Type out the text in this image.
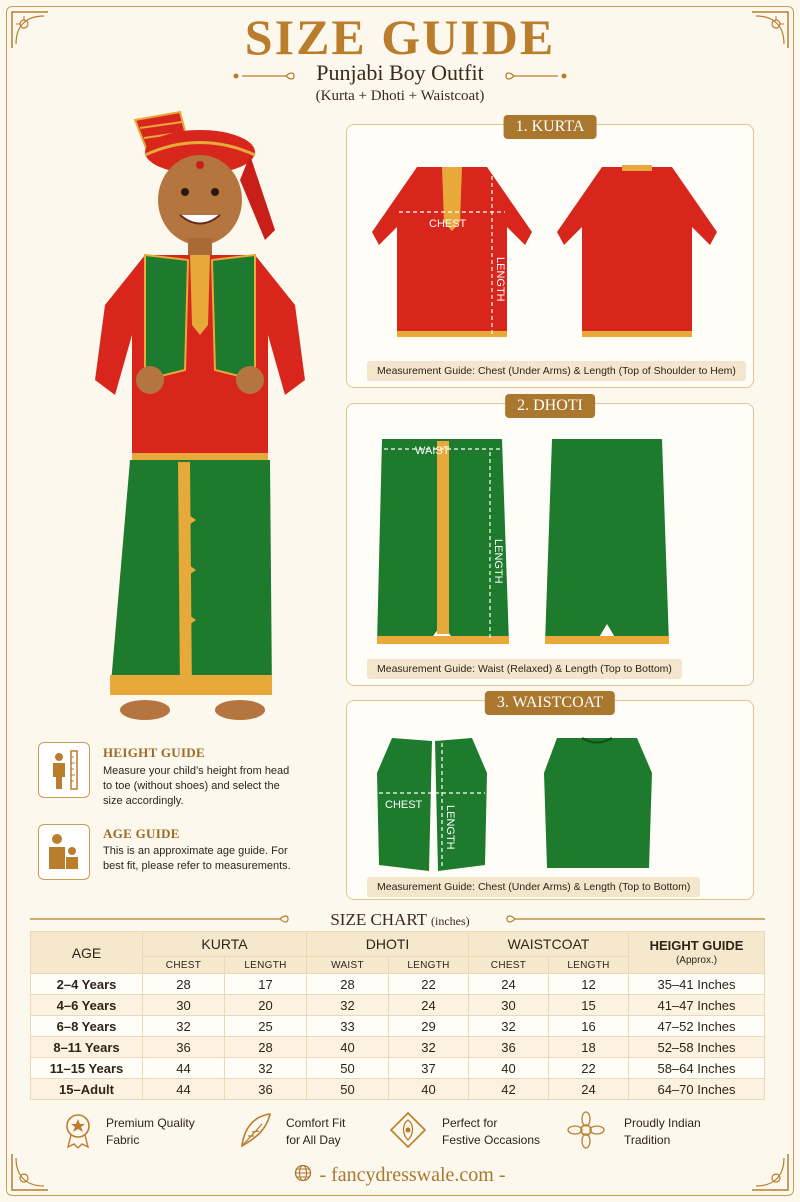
SIZE GUIDE
Punjabi Boy Outfit
(Kurta + Dhoti + Waistcoat)
1. KURTA
CHEST
LENGTH
Measurement Guide: Chest (Under Arms) & Length (Top of Shoulder to Hem)
2. DHOTI
WAIST
LENGTH
Measurement Guide: Waist (Relaxed) & Length (Top to Bottom)
3. WAISTCOAT
CHEST LENGTH
Measurement Guide: Chest (Under Arms) & Length (Top to Bottom)
HEIGHT GUIDE
Measure your child’s height from head to toe (without shoes) and select the size accordingly.
AGE GUIDE
This is an approximate age guide. For best fit, please refer to measurements.
SIZE CHART (inches)
AGE	KURTA		DHOTI		WAISTCOAT		HEIGHT GUIDE
(Approx.)

	CHEST	LENGTH	WAIST	LENGTH	CHEST	LENGTH	
2–4 Years	28	17	28	22	24	12	35–41 Inches
4–6 Years	30	20	32	24	30	15	41–47 Inches
6–8 Years	32	25	33	29	32	16	47–52 Inches
8–11 Years	36	28	40	32	36	18	52–58 Inches
11–15 Years	44	32	50	37	40	22	58–64 Inches
15–Adult	44	36	50	40	42	24	64–70 Inches
Premium Quality
Fabric
Comfort Fit
for All Day
Perfect for
Festive Occasions
Proudly Indian
Tradition
- fancydresswale.com -
